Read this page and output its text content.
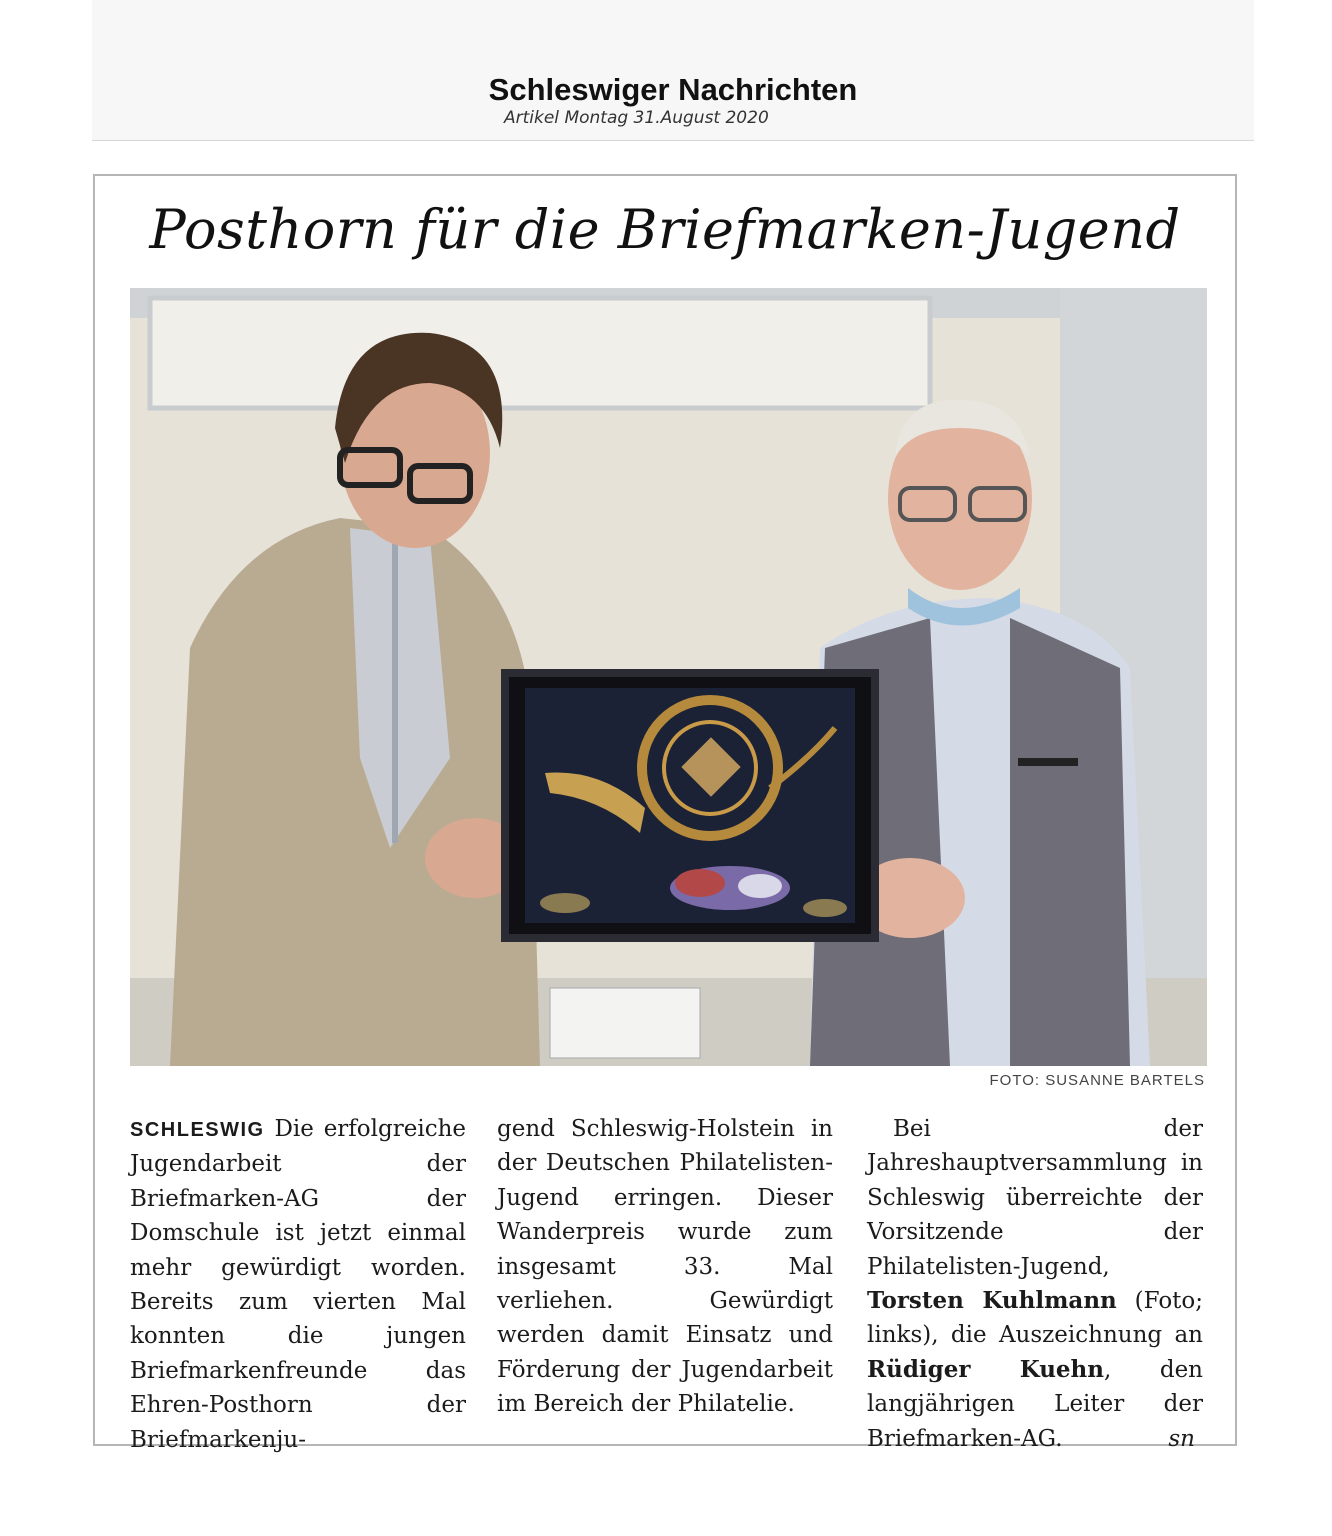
Schleswiger Nachrichten
Artikel Montag 31.August 2020
Posthorn für die Briefmarken-Jugend
FOTO: SUSANNE BARTELS

SCHLESWIG Die erfolgreiche Jugendarbeit der Briefmarken-AG der Domschule ist jetzt einmal mehr gewürdigt worden. Bereits zum vierten Mal konnten die jungen Briefmarkenfreunde das Ehren-Posthorn der Briefmarkenju-

gend Schleswig-Holstein in der Deutschen Philatelisten-Jugend erringen. Dieser Wanderpreis wurde zum insgesamt 33. Mal verliehen. Gewürdigt werden damit Einsatz und Förderung der Jugendarbeit im Bereich der Philatelie.

Bei der Jahreshauptversammlung in Schleswig überreichte der Vorsitzende der Philatelisten-Jugend, Torsten Kuhlmann (Foto; links), die Auszeichnung an Rüdiger Kuehn, den langjährigen Leiter der Briefmarken-AG.	sn
